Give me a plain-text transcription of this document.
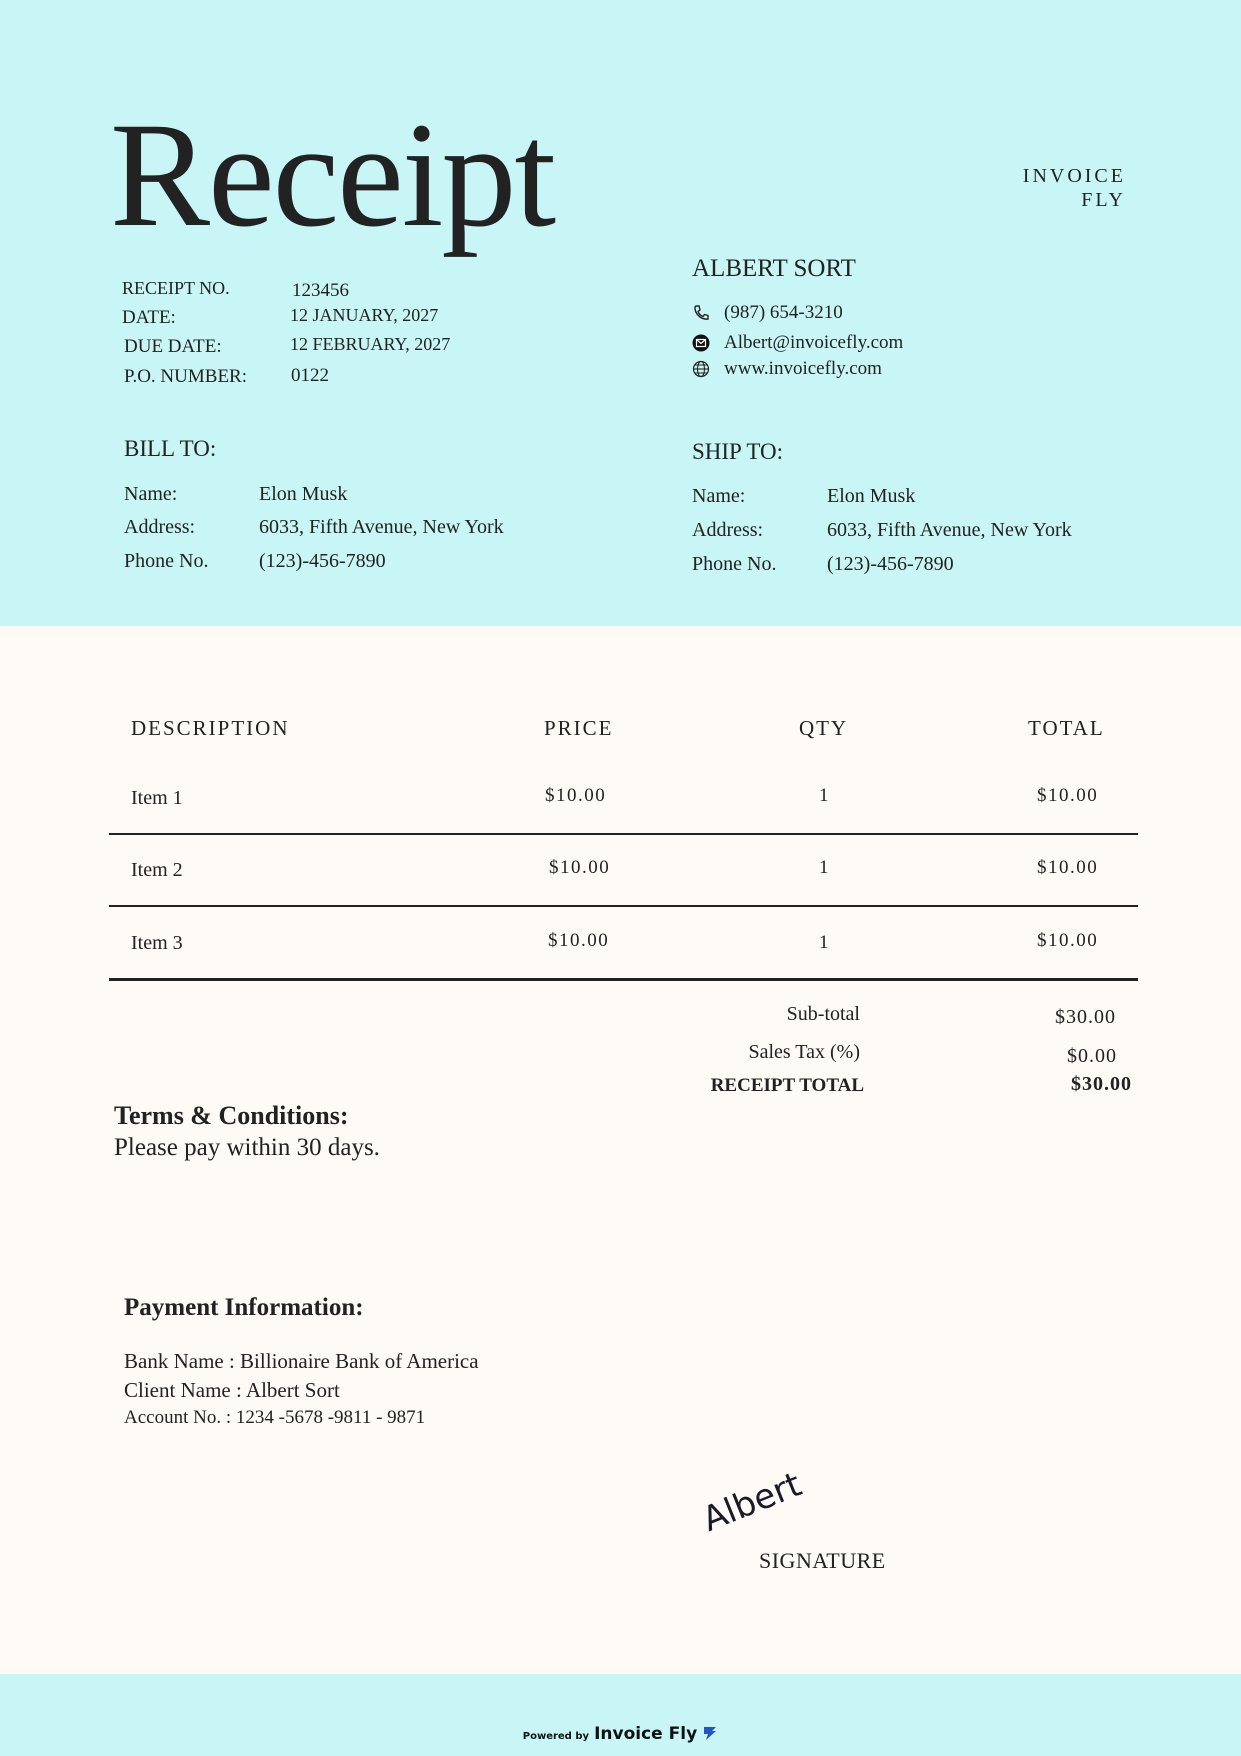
Receipt	INVOICE
FLY
RECEIPT NO.	123456
DATE:	12 JANUARY, 2027
DUE DATE:	12 FEBRUARY, 2027
P.O. NUMBER: 0122
ALBERT SORT
(987) 654-3210
Albert@invoicefly.com
www.invoicefly.com
BILL TO:
Name:	Elon Musk
Address:	6033, Fifth Avenue, New York
Phone No.	(123)-456-7890
SHIP TO:
Name:	Elon Musk
Address:	6033, Fifth Avenue, New York
Phone No.	(123)-456-7890
DESCRIPTION	PRICE	QTY	TOTAL
Item 1	$10.00	1	$10.00
Item 2	$10.00	1	$10.00
Item 3	$10.00	1	$10.00
Sub-total	$30.00
Sales Tax (%)	$0.00
RECEIPT TOTAL	$30.00
Terms & Conditions:
Please pay within 30 days.
Payment Information:
Bank Name : Billionaire Bank of America
Client Name : Albert Sort
Account No. : 1234 -5678 -9811 - 9871
Albert
SIGNATURE
Powered by Invoice Fly
